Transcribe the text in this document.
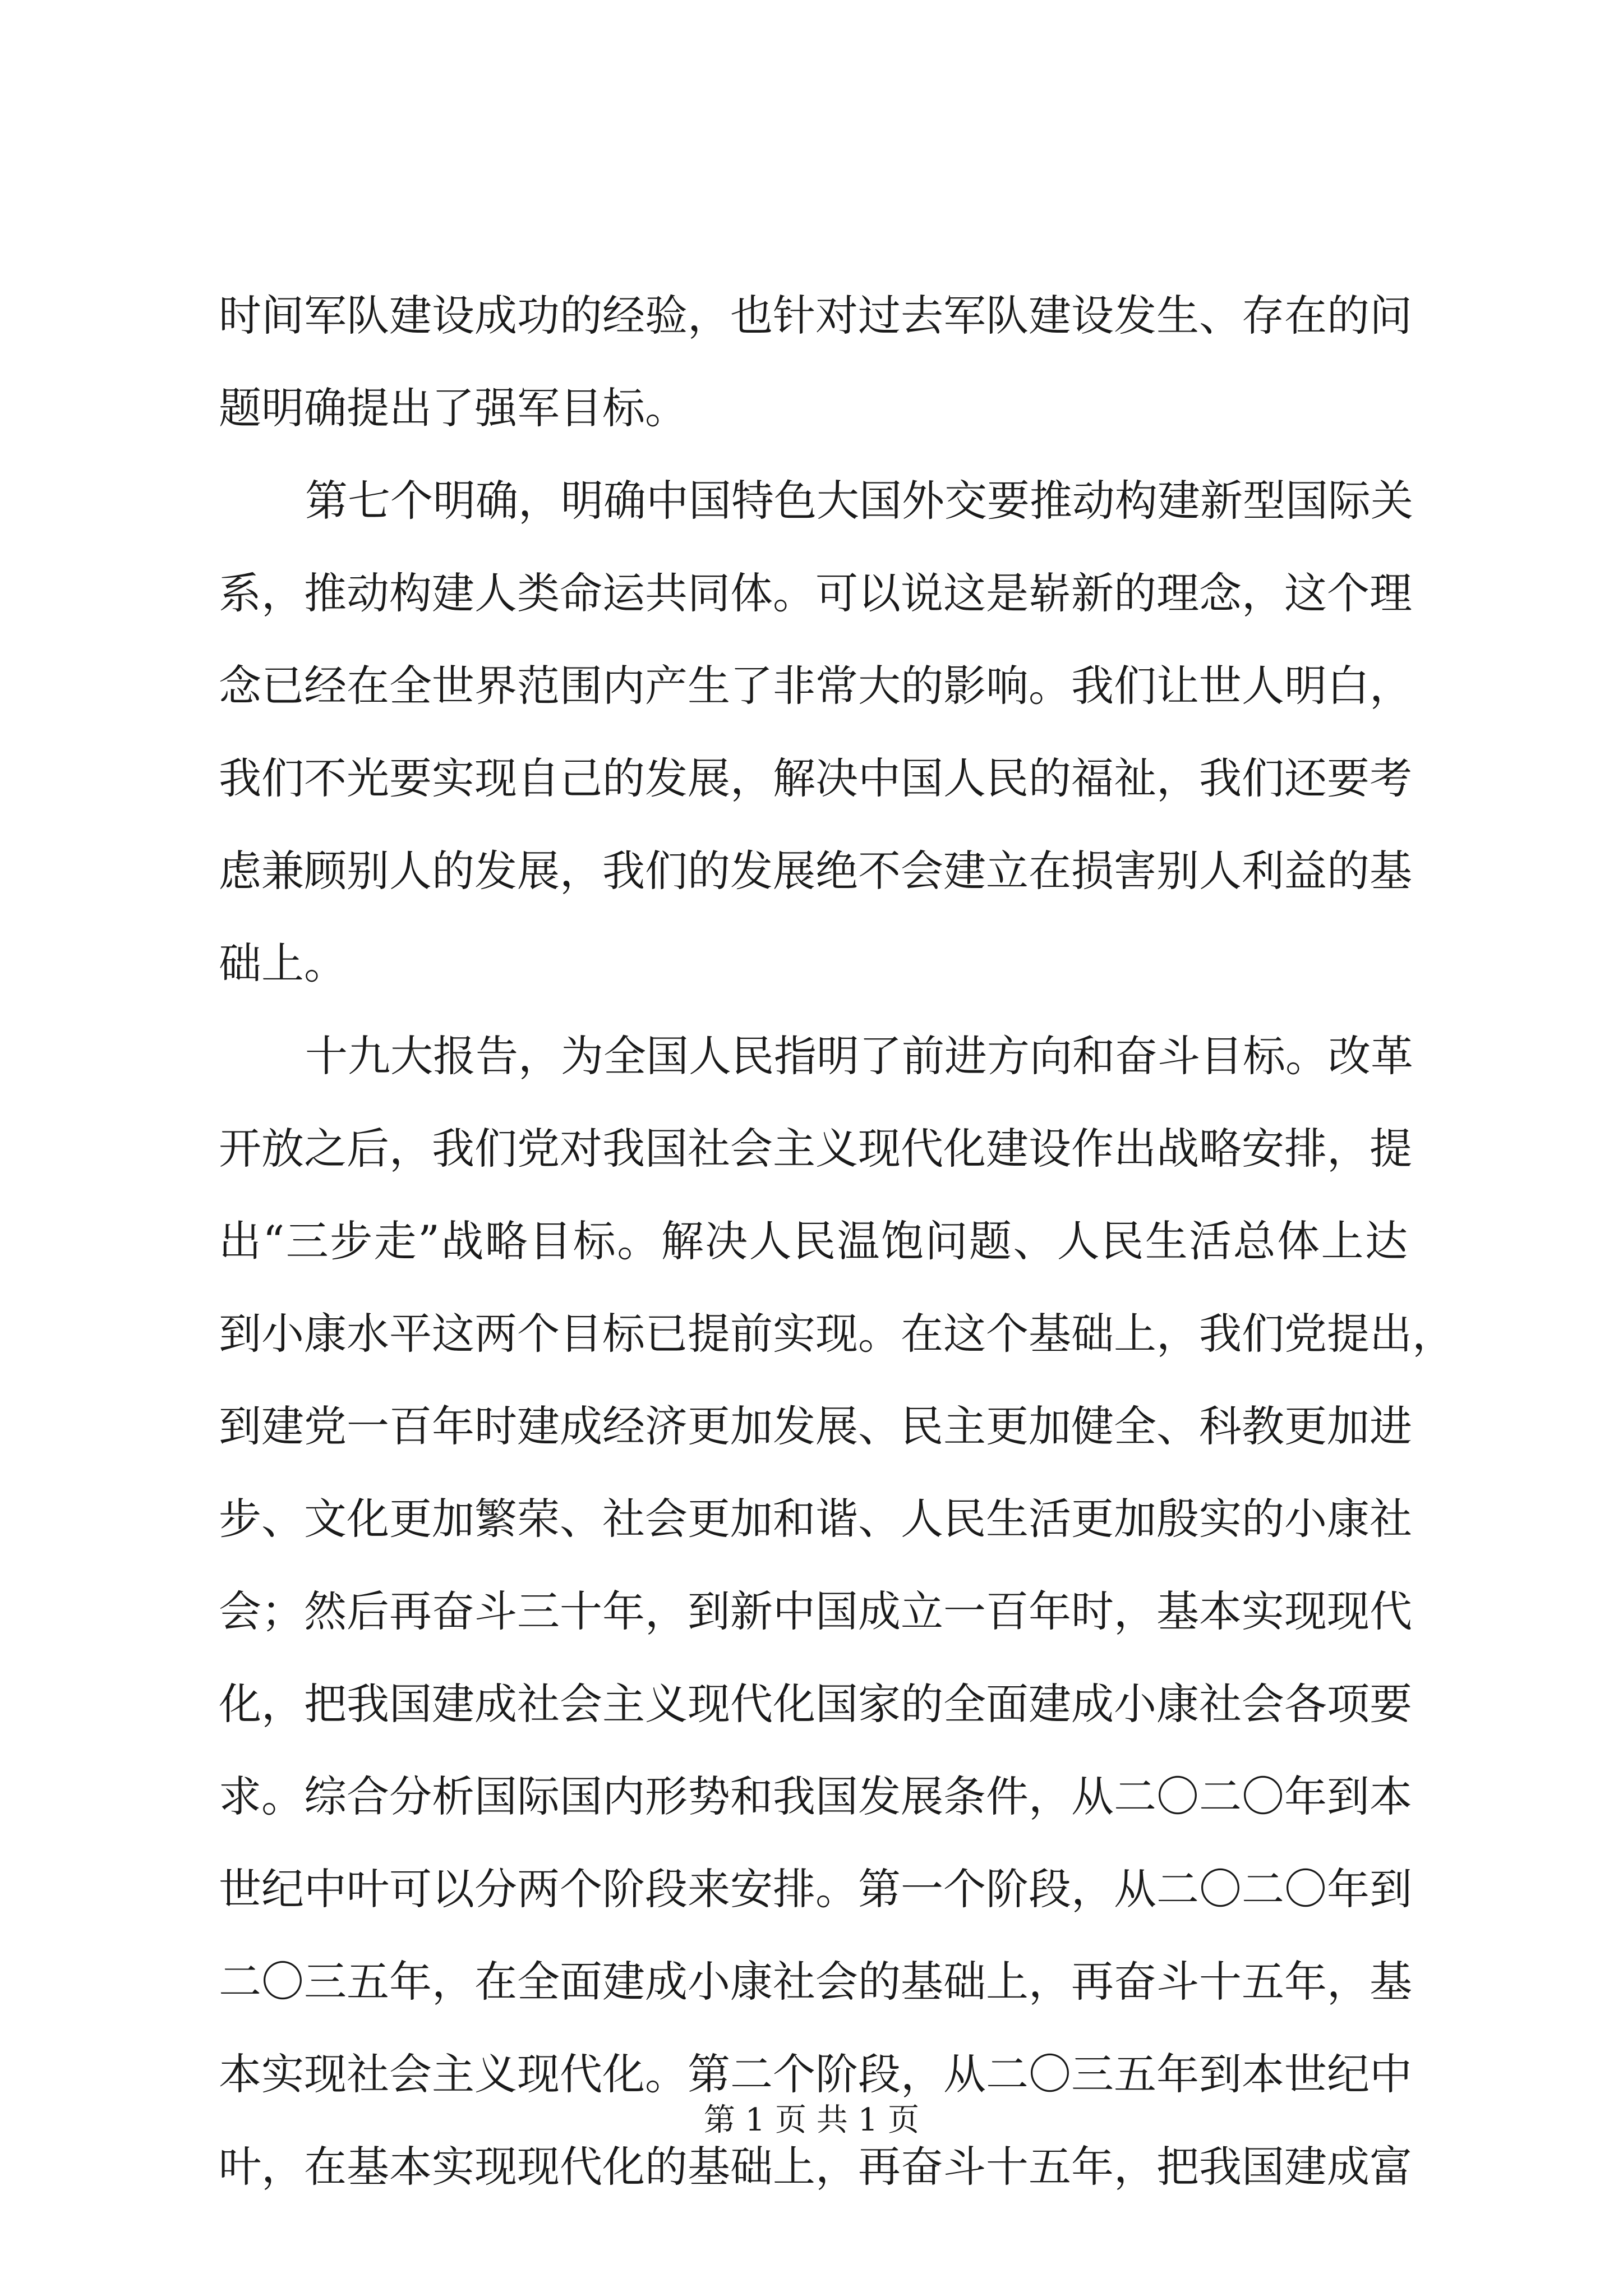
时间军队建设成功的经验，也针对过去军队建设发生、存在的问
题明确提出了强军目标。
第七个明确，明确中国特色大国外交要推动构建新型国际关
系，推动构建人类命运共同体。可以说这是崭新的理念，这个理
念已经在全世界范围内产生了非常大的影响。我们让世人明白，
我们不光要实现自己的发展，解决中国人民的福祉，我们还要考
虑兼顾别人的发展，我们的发展绝不会建立在损害别人利益的基
础上。
十九大报告，为全国人民指明了前进方向和奋斗目标。改革
开放之后，我们党对我国社会主义现代化建设作出战略安排，提
出“三步走”战略目标。解决人民温饱问题、人民生活总体上达
到小康水平这两个目标已提前实现。在这个基础上，我们党提出，
到建党一百年时建成经济更加发展、民主更加健全、科教更加进
步、文化更加繁荣、社会更加和谐、人民生活更加殷实的小康社
会；然后再奋斗三十年，到新中国成立一百年时，基本实现现代
化，把我国建成社会主义现代化国家的全面建成小康社会各项要
求。综合分析国际国内形势和我国发展条件，从二〇二〇年到本
世纪中叶可以分两个阶段来安排。第一个阶段，从二〇二〇年到
二〇三五年，在全面建成小康社会的基础上，再奋斗十五年，基
本实现社会主义现代化。第二个阶段，从二〇三五年到本世纪中
叶，在基本实现现代化的基础上，再奋斗十五年，把我国建成富
第 1 页 共 1 页
